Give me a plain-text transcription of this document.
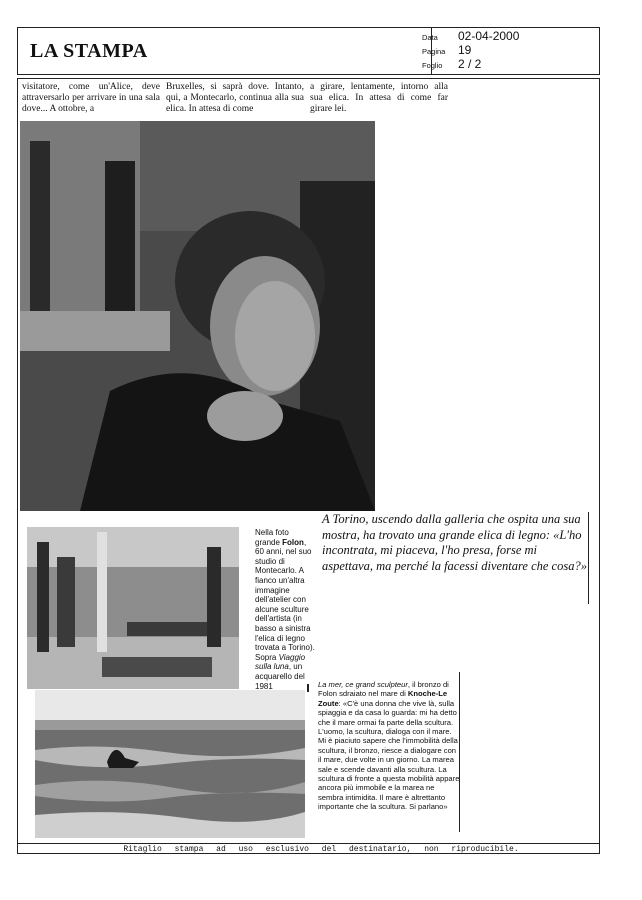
LA STAMPA
Data 02-04-2000
Pagina 19
Foglio 2 / 2
visitatore, come un'Alice, deve attraversarlo per arrivare in una sala dove... A ottobre, a
Bruxelles, si saprà dove. Intanto, qui, a Montecarlo, continua alla sua elica. In attesa di come
a girare, lentamente, intorno alla sua elica. In attesa di come far girare lei.
Nella foto grande Folon, 60 anni, nel suo studio di Montecarlo. A fianco un'altra immagine dell'atelier con alcune sculture dell'artista (in basso a sinistra l'elica di legno trovata a Torino). Sopra Viaggio sulla luna, un acquarello del 1981
A Torino, uscendo dalla galleria che ospita una sua mostra, ha trovato una grande elica di legno: «L'ho incontrata, mi piaceva, l'ho presa, forse mi aspettava, ma perché la facessi diventare che cosa?»
La mer, ce grand sculpteur, il bronzo di Folon sdraiato nel mare di Knoche-Le Zoute: «C'è una donna che vive là, sulla spiaggia e da casa lo guarda: mi ha detto che il mare ormai fa parte della scultura. L'uomo, la scultura, dialoga con il mare. Mi è piaciuto sapere che l'immobilità della scultura, il bronzo, riesce a dialogare con il mare, due volte in un giorno. La marea sale e scende davanti alla scultura. La scultura di fronte a questa mobilità appare ancora più immobile e la marea ne sembra intimidita. Il mare è altrettanto importante che la scultura. Si parlano»
Ritaglio stampa ad uso esclusivo del destinatario, non riproducibile.
